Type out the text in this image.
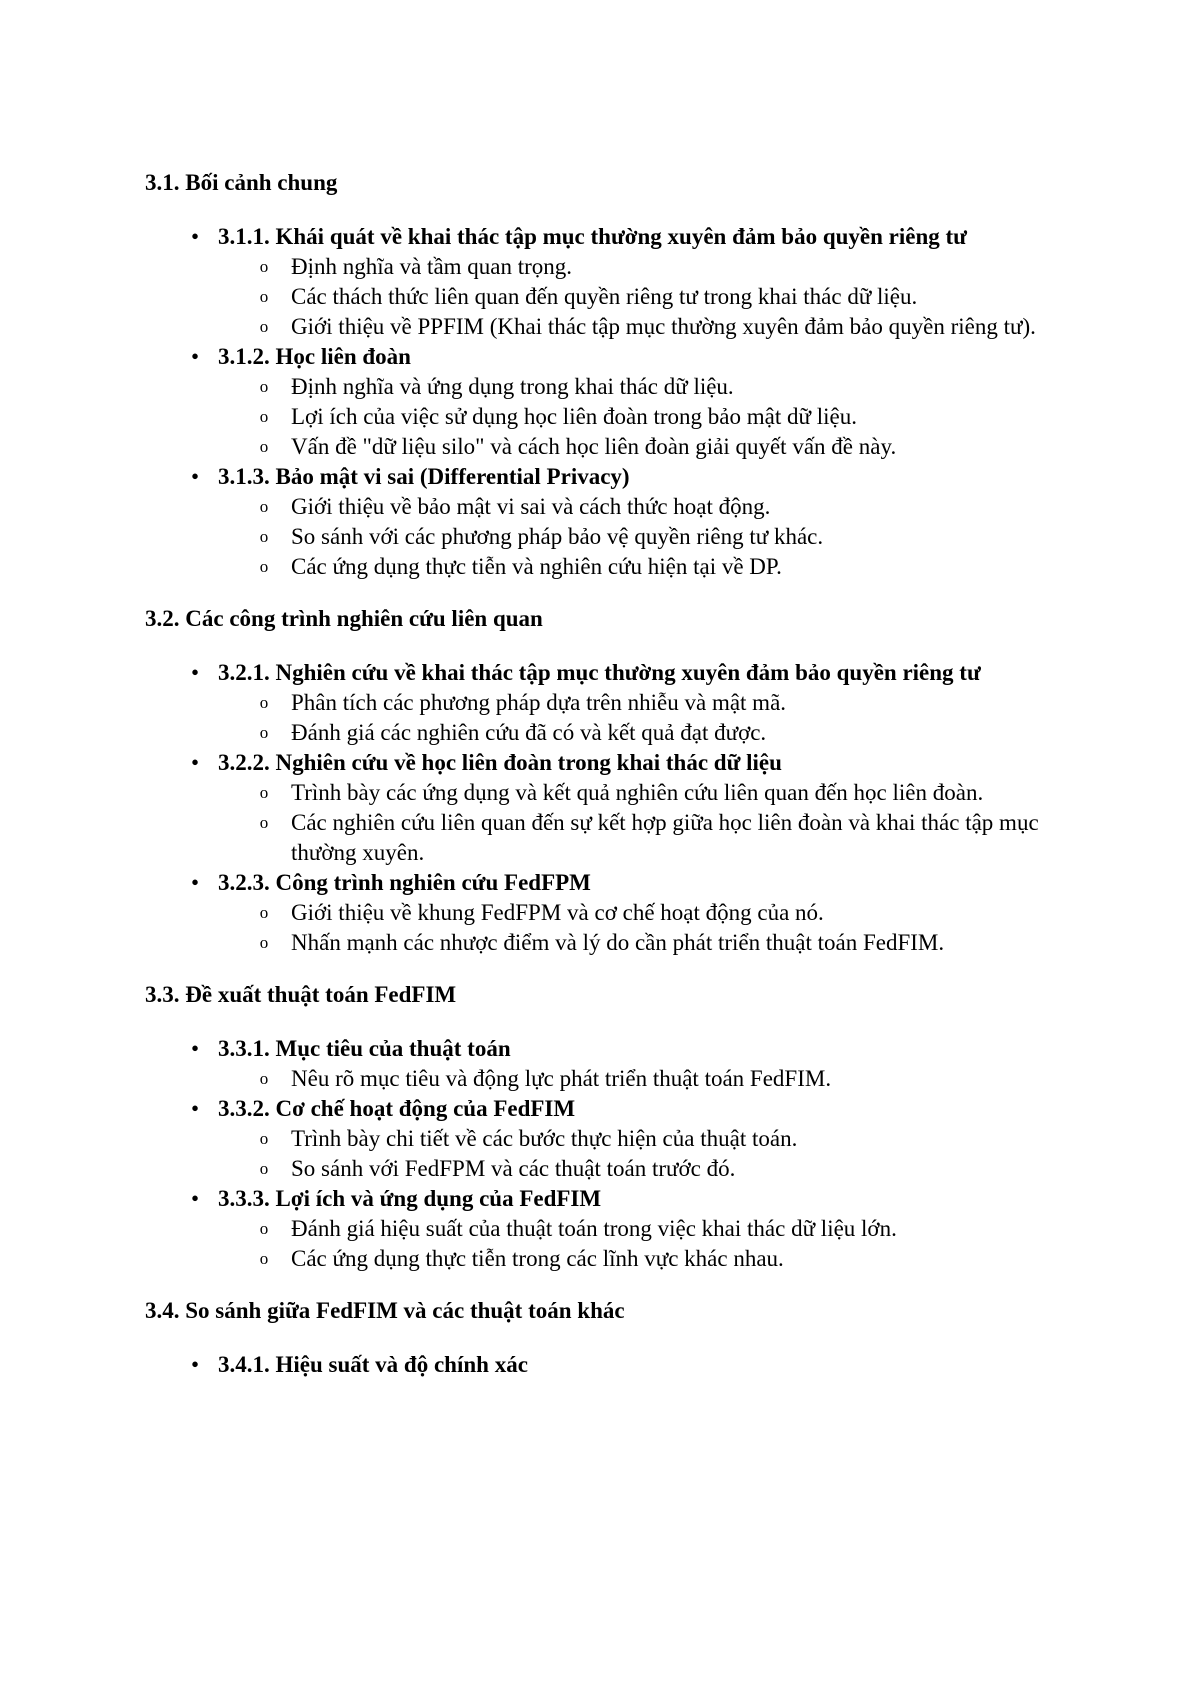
3.1. Bối cảnh chung
• 3.1.1. Khái quát về khai thác tập mục thường xuyên đảm bảo quyền riêng tư
o Định nghĩa và tầm quan trọng.
o Các thách thức liên quan đến quyền riêng tư trong khai thác dữ liệu.
o Giới thiệu về PPFIM (Khai thác tập mục thường xuyên đảm bảo quyền riêng tư).
• 3.1.2. Học liên đoàn
o Định nghĩa và ứng dụng trong khai thác dữ liệu.
o Lợi ích của việc sử dụng học liên đoàn trong bảo mật dữ liệu.
o Vấn đề "dữ liệu silo" và cách học liên đoàn giải quyết vấn đề này.
• 3.1.3. Bảo mật vi sai (Differential Privacy)
o Giới thiệu về bảo mật vi sai và cách thức hoạt động.
o So sánh với các phương pháp bảo vệ quyền riêng tư khác.
o Các ứng dụng thực tiễn và nghiên cứu hiện tại về DP.
3.2. Các công trình nghiên cứu liên quan
• 3.2.1. Nghiên cứu về khai thác tập mục thường xuyên đảm bảo quyền riêng tư
o Phân tích các phương pháp dựa trên nhiễu và mật mã.
o Đánh giá các nghiên cứu đã có và kết quả đạt được.
• 3.2.2. Nghiên cứu về học liên đoàn trong khai thác dữ liệu
o Trình bày các ứng dụng và kết quả nghiên cứu liên quan đến học liên đoàn.
o Các nghiên cứu liên quan đến sự kết hợp giữa học liên đoàn và khai thác tập mục thường xuyên.
• 3.2.3. Công trình nghiên cứu FedFPM
o Giới thiệu về khung FedFPM và cơ chế hoạt động của nó.
o Nhấn mạnh các nhược điểm và lý do cần phát triển thuật toán FedFIM.
3.3. Đề xuất thuật toán FedFIM
• 3.3.1. Mục tiêu của thuật toán
o Nêu rõ mục tiêu và động lực phát triển thuật toán FedFIM.
• 3.3.2. Cơ chế hoạt động của FedFIM
o Trình bày chi tiết về các bước thực hiện của thuật toán.
o So sánh với FedFPM và các thuật toán trước đó.
• 3.3.3. Lợi ích và ứng dụng của FedFIM
o Đánh giá hiệu suất của thuật toán trong việc khai thác dữ liệu lớn.
o Các ứng dụng thực tiễn trong các lĩnh vực khác nhau.
3.4. So sánh giữa FedFIM và các thuật toán khác
• 3.4.1. Hiệu suất và độ chính xác
